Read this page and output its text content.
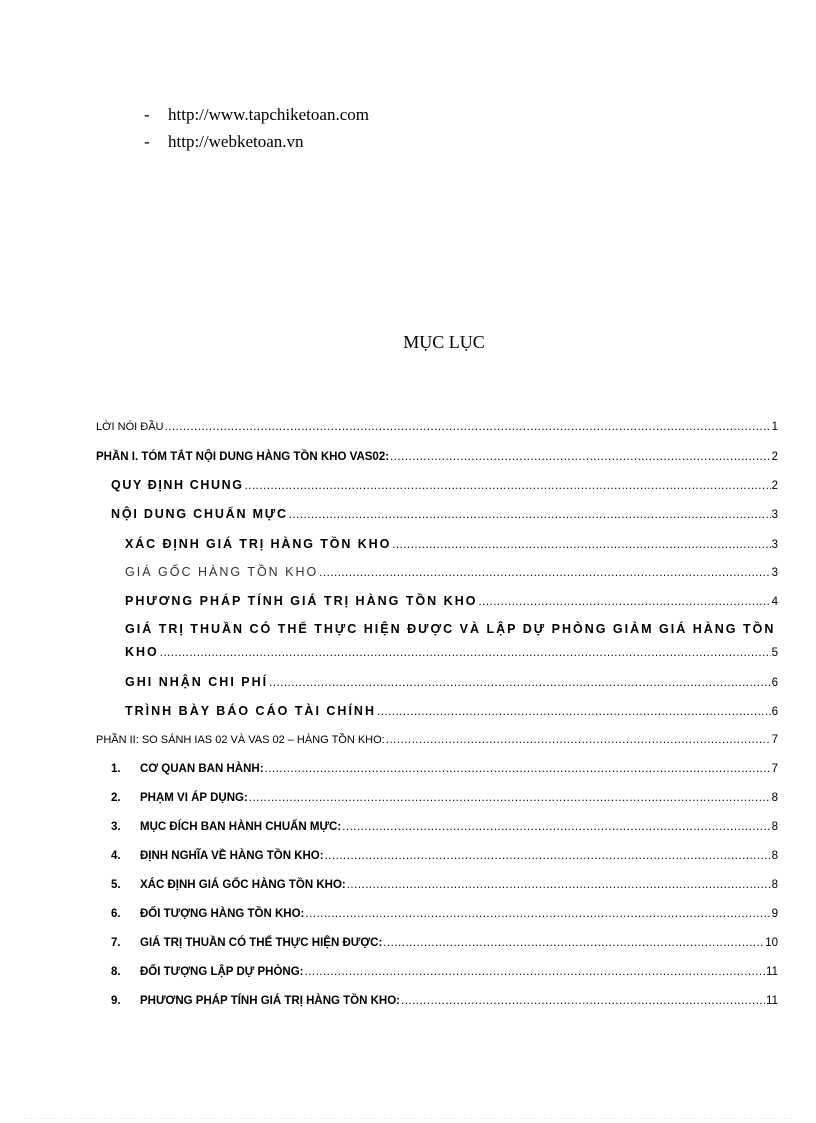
-	http://www.tapchiketoan.com
-	http://webketoan.vn
MỤC LỤC
LỜI NÓI ĐẦU .....	1
PHẦN I. TÓM TẮT NỘI DUNG HÀNG TỒN KHO VAS02: .....	2
QUY ĐỊNH CHUNG .....	2
NỘI DUNG CHUẨN MỰC .....	3
XÁC ĐỊNH GIÁ TRỊ HÀNG TỒN KHO .....	3
GIÁ GỐC HÀNG TỒN KHO .....	3
PHƯƠNG PHÁP TÍNH GIÁ TRỊ HÀNG TỒN KHO .....	4
GIÁ TRỊ THUẦN CÓ THỂ THỰC HIỆN ĐƯỢC VÀ LẬP DỰ PHÒNG GIẢM GIÁ HÀNG TỒN
KHO .....	5
GHI NHẬN CHI PHÍ .....	6
TRÌNH BÀY BÁO CÁO TÀI CHÍNH .....	6
PHẦN II: SO SÁNH IAS 02 VÀ VAS 02 – HÀNG TỒN KHO: .....	7
1.	CƠ QUAN BAN HÀNH: .....	7
2.	PHẠM VI ÁP DỤNG: .....	8
3.	MỤC ĐÍCH BAN HÀNH CHUẨN MỰC: .....	8
4.	ĐỊNH NGHĨA VỀ HÀNG TỒN KHO: .....	8
5.	XÁC ĐỊNH GIÁ GỐC HÀNG TỒN KHO: .....	8
6.	ĐỐI TƯỢNG HÀNG TỒN KHO: .....	9
7.	GIÁ TRỊ THUẦN CÓ THỂ THỰC HIỆN ĐƯỢC: .....	10
8.	ĐỐI TƯỢNG LẬP DỰ PHÒNG: .....	11
9.	PHƯƠNG PHÁP TÍNH GIÁ TRỊ HÀNG TỒN KHO: .....	11
